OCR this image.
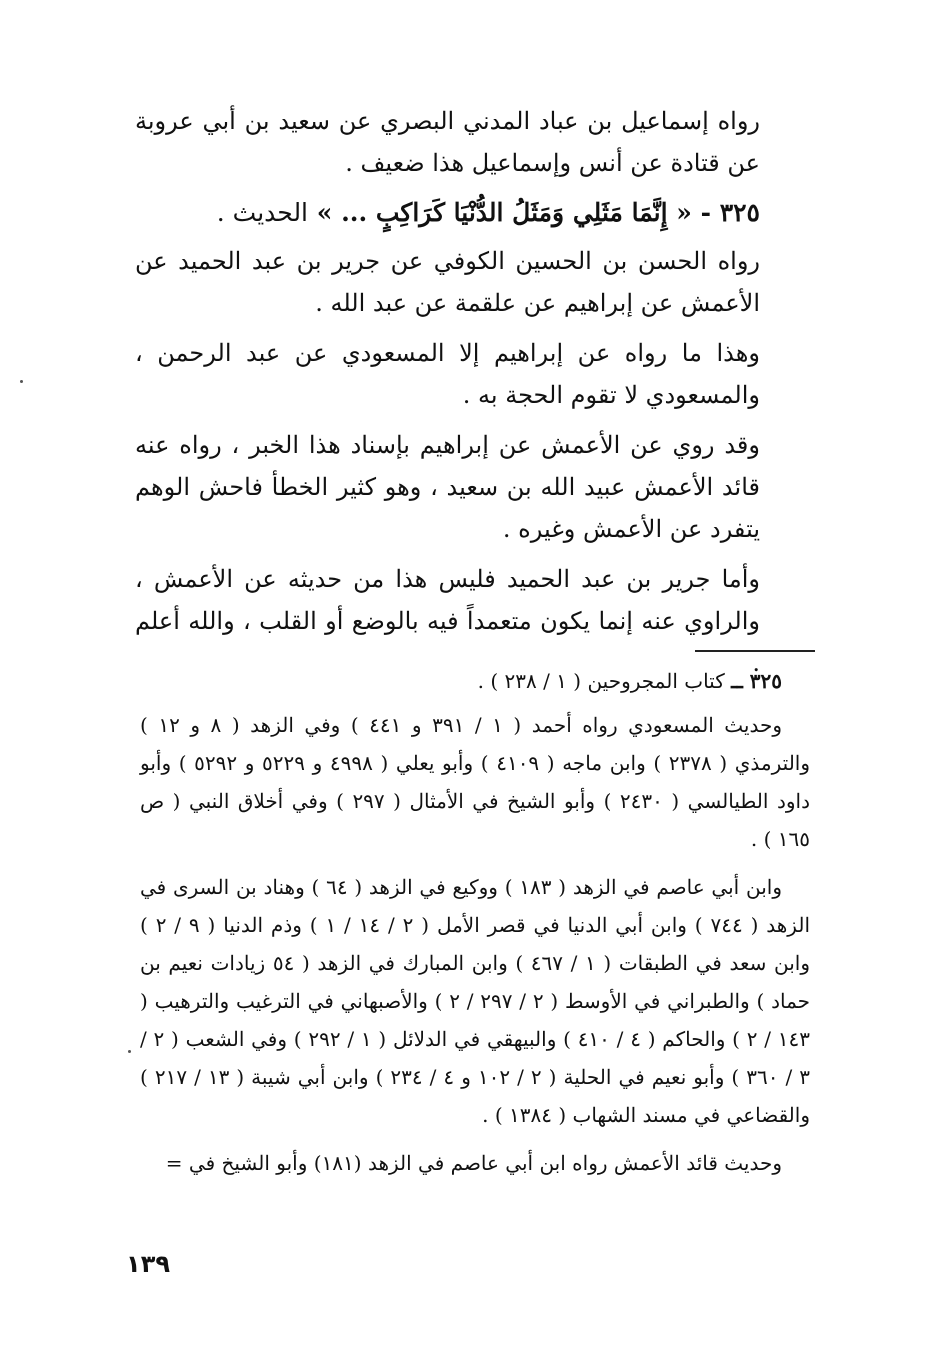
رواه إسماعيل بن عباد المدني البصري عن سعيد بن أبي عروبة عن قتادة عن أنس وإسماعيل هذا ضعيف .

٣٢٥ - « إِنَّمَا مَثَلِي وَمَثَلُ الدُّنْيَا كَرَاكِبٍ ... » الحديث .

رواه الحسن بن الحسين الكوفي عن جرير بن عبد الحميد عن الأعمش عن إبراهيم عن علقمة عن عبد الله .

وهذا ما رواه عن إبراهيم إلا المسعودي عن عبد الرحمن ، والمسعودي لا تقوم الحجة به .

وقد روي عن الأعمش عن إبراهيم بإسناد هذا الخبر ، رواه عنه قائد الأعمش عبيد الله بن سعيد ، وهو كثير الخطأ فاحش الوهم يتفرد عن الأعمش وغيره .

وأما جرير بن عبد الحميد فليس هذا من حديثه عن الأعمش ، والراوي عنه إنما يكون متعمداً فيه بالوضع أو القلب ، والله أعلم .

٣٢٥ ــ كتاب المجروحين ( ١ / ٢٣٨ ) .

وحديث المسعودي رواه أحمد ( ١ / ٣٩١ و ٤٤١ ) وفي الزهد ( ٨ و ١٢ ) والترمذي ( ٢٣٧٨ ) وابن ماجه ( ٤١٠٩ ) وأبو يعلي ( ٤٩٩٨ و ٥٢٢٩ و ٥٢٩٢ ) وأبو داود الطيالسي ( ٢٤٣٠ ) وأبو الشيخ في الأمثال ( ٢٩٧ ) وفي أخلاق النبي ( ص ١٦٥ ) .

وابن أبي عاصم في الزهد ( ١٨٣ ) ووكيع في الزهد ( ٦٤ ) وهناد بن السرى في الزهد ( ٧٤٤ ) وابن أبي الدنيا في قصر الأمل ( ٢ / ١٤ / ١ ) وذم الدنيا ( ٩ / ٢ ) وابن سعد في الطبقات ( ١ / ٤٦٧ ) وابن المبارك في الزهد ( ٥٤ زيادات نعيم بن حماد ) والطبراني في الأوسط ( ٢ / ٢٩٧ / ٢ ) والأصبهاني في الترغيب والترهيب ( ١٤٣ / ٢ ) والحاكم ( ٤ / ٤١٠ ) والبيهقي في الدلائل ( ١ / ٢٩٢ ) وفي الشعب ( ٢ / ٣ / ٣٦٠ ) وأبو نعيم في الحلية ( ٢ / ١٠٢ و ٤ / ٢٣٤ ) وابن أبي شيبة ( ١٣ / ٢١٧ ) والقضاعي في مسند الشهاب ( ١٣٨٤ ) .

وحديث قائد الأعمش رواه ابن أبي عاصم في الزهد (١٨١) وأبو الشيخ في =

١٣٩
